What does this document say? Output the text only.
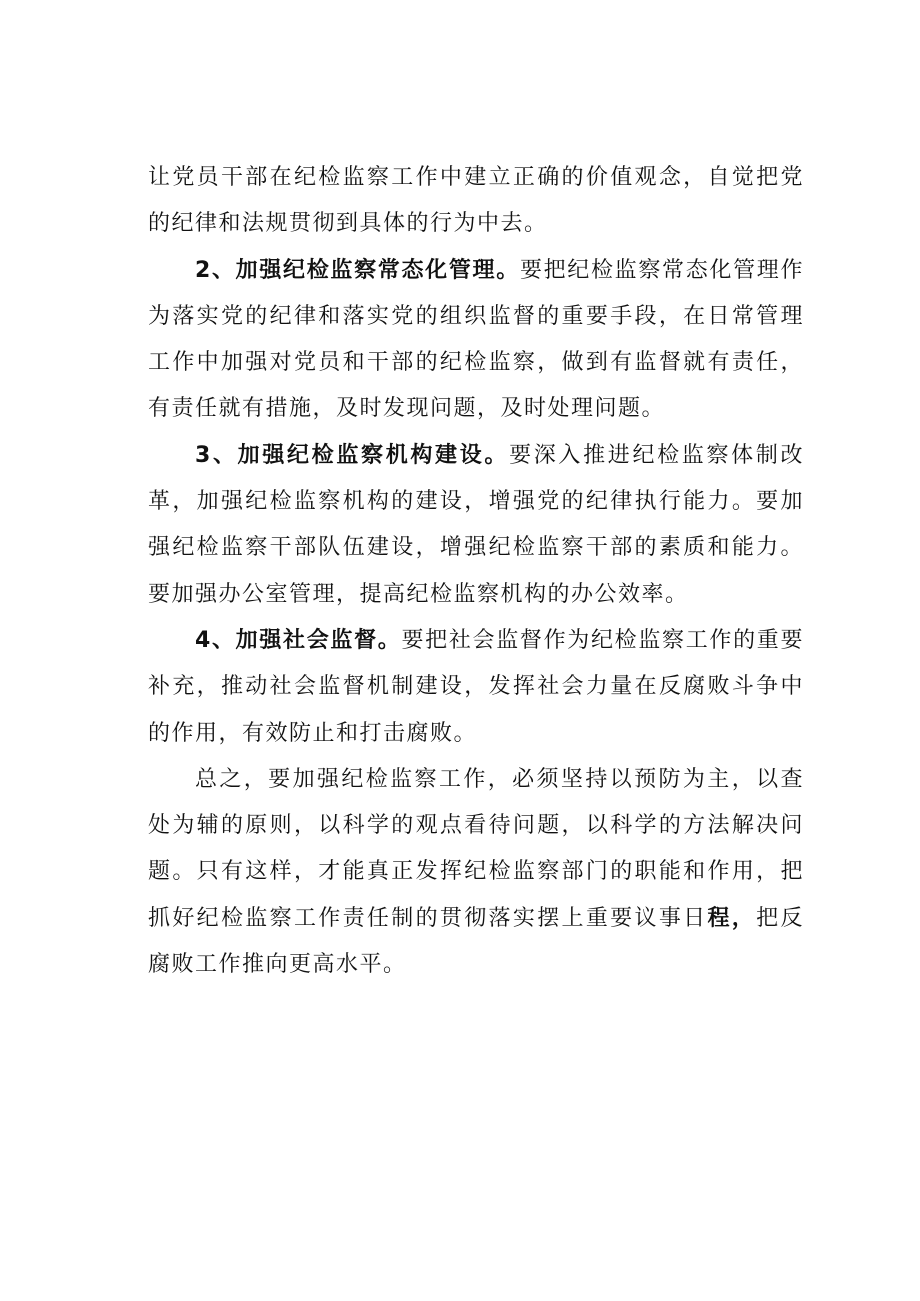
让党员干部在纪检监察工作中建立正确的价值观念，自觉把党的纪律和法规贯彻到具体的行为中去。

2、加强纪检监察常态化管理。要把纪检监察常态化管理作为落实党的纪律和落实党的组织监督的重要手段，在日常管理工作中加强对党员和干部的纪检监察，做到有监督就有责任，有责任就有措施，及时发现问题，及时处理问题。

3、加强纪检监察机构建设。要深入推进纪检监察体制改革，加强纪检监察机构的建设，增强党的纪律执行能力。要加强纪检监察干部队伍建设，增强纪检监察干部的素质和能力。要加强办公室管理，提高纪检监察机构的办公效率。

4、加强社会监督。要把社会监督作为纪检监察工作的重要补充，推动社会监督机制建设，发挥社会力量在反腐败斗争中的作用，有效防止和打击腐败。

总之，要加强纪检监察工作，必须坚持以预防为主，以查处为辅的原则，以科学的观点看待问题，以科学的方法解决问题。只有这样，才能真正发挥纪检监察部门的职能和作用，把抓好纪检监察工作责任制的贯彻落实摆上重要议事日程，把反腐败工作推向更高水平。
